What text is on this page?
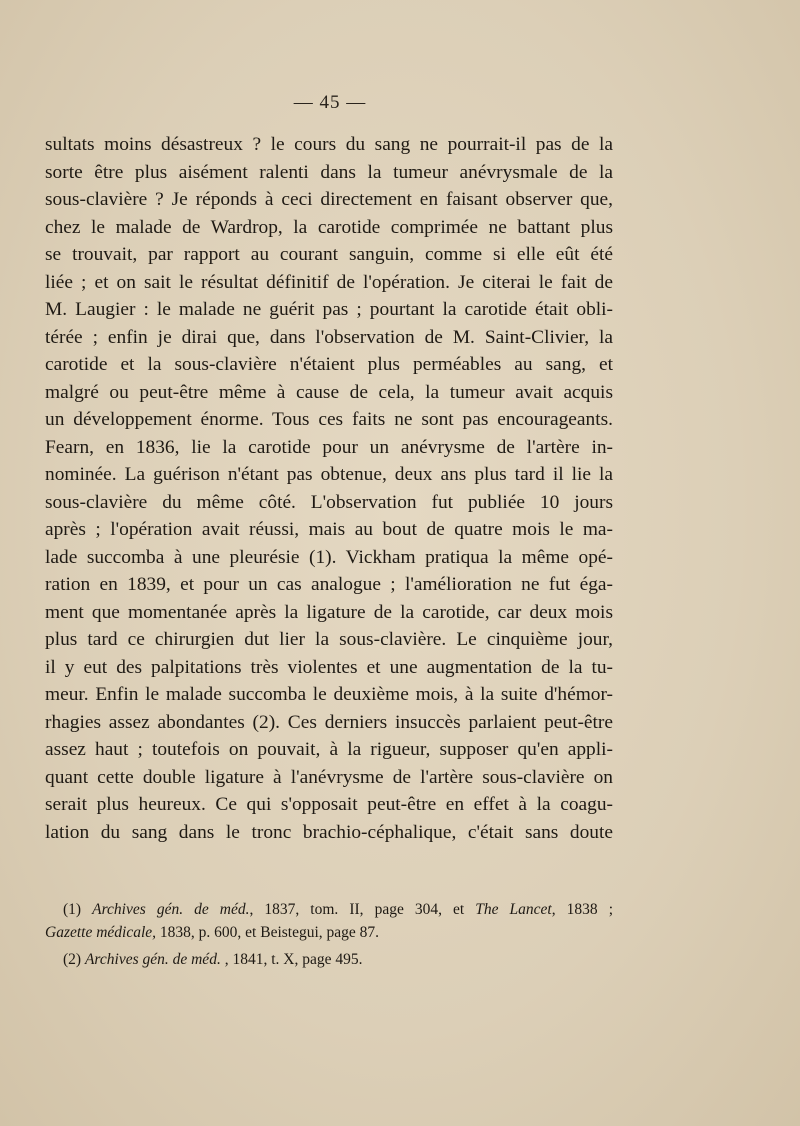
— 45 —
sultats moins désastreux ? le cours du sang ne pourrait-il pas de la
sorte être plus aisément ralenti dans la tumeur anévrysmale de la
sous-clavière ? Je réponds à ceci directement en faisant observer que,
chez le malade de Wardrop, la carotide comprimée ne battant plus
se trouvait, par rapport au courant sanguin, comme si elle eût été
liée ; et on sait le résultat définitif de l'opération. Je citerai le fait de
M. Laugier : le malade ne guérit pas ; pourtant la carotide était obli-
térée ; enfin je dirai que, dans l'observation de M. Saint-Clivier, la
carotide et la sous-clavière n'étaient plus perméables au sang, et
malgré ou peut-être même à cause de cela, la tumeur avait acquis
un développement énorme. Tous ces faits ne sont pas encourageants.
Fearn, en 1836, lie la carotide pour un anévrysme de l'artère in-
nominée. La guérison n'étant pas obtenue, deux ans plus tard il lie la
sous-clavière du même côté. L'observation fut publiée 10 jours
après ; l'opération avait réussi, mais au bout de quatre mois le ma-
lade succomba à une pleurésie (1). Vickham pratiqua la même opé-
ration en 1839, et pour un cas analogue ; l'amélioration ne fut éga-
ment que momentanée après la ligature de la carotide, car deux mois
plus tard ce chirurgien dut lier la sous-clavière. Le cinquième jour,
il y eut des palpitations très violentes et une augmentation de la tu-
meur. Enfin le malade succomba le deuxième mois, à la suite d'hémor-
rhagies assez abondantes (2). Ces derniers insuccès parlaient peut-être
assez haut ; toutefois on pouvait, à la rigueur, supposer qu'en appli-
quant cette double ligature à l'anévrysme de l'artère sous-clavière on
serait plus heureux. Ce qui s'opposait peut-être en effet à la coagu-
lation du sang dans le tronc brachio-céphalique, c'était sans doute
(1) Archives gén. de méd., 1837, tom. II, page 304, et The Lancet, 1838 ;
Gazette médicale, 1838, p. 600, et Beistegui, page 87.
(2) Archives gén. de méd. , 1841, t. X, page 495.
